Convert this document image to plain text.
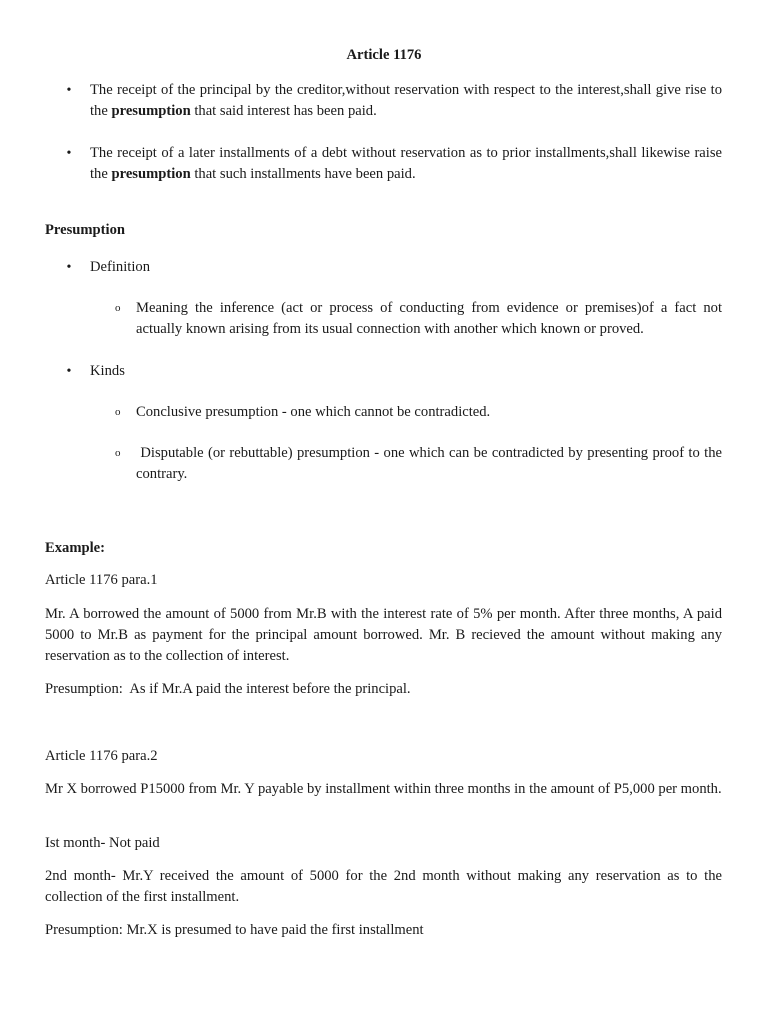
Article 1176
• The receipt of the principal by the creditor,without reservation with respect to the interest,shall give rise to the presumption that said interest has been paid.
• The receipt of a later installments of a debt without reservation as to prior installments,shall likewise raise the presumption that such installments have been paid.
Presumption
• Definition
o Meaning the inference (act or process of conducting from evidence or premises)of a fact not actually known arising from its usual connection with another which known or proved.
• Kinds
o Conclusive presumption - one which cannot be contradicted.
o Disputable (or rebuttable) presumption - one which can be contradicted by presenting proof to the contrary.
Example:
Article 1176 para.1
Mr. A borrowed the amount of 5000 from Mr.B with the interest rate of 5% per month. After three months, A paid 5000 to Mr.B as payment for the principal amount borrowed. Mr. B recieved the amount without making any reservation as to the collection of interest.
Presumption:  As if Mr.A paid the interest before the principal.
Article 1176 para.2
Mr X borrowed P15000 from Mr. Y payable by installment within three months in the amount of P5,000 per month.
Ist month- Not paid
2nd month- Mr.Y received the amount of 5000 for the 2nd month without making any reservation as to the collection of the first installment.
Presumption: Mr.X is presumed to have paid the first installment
